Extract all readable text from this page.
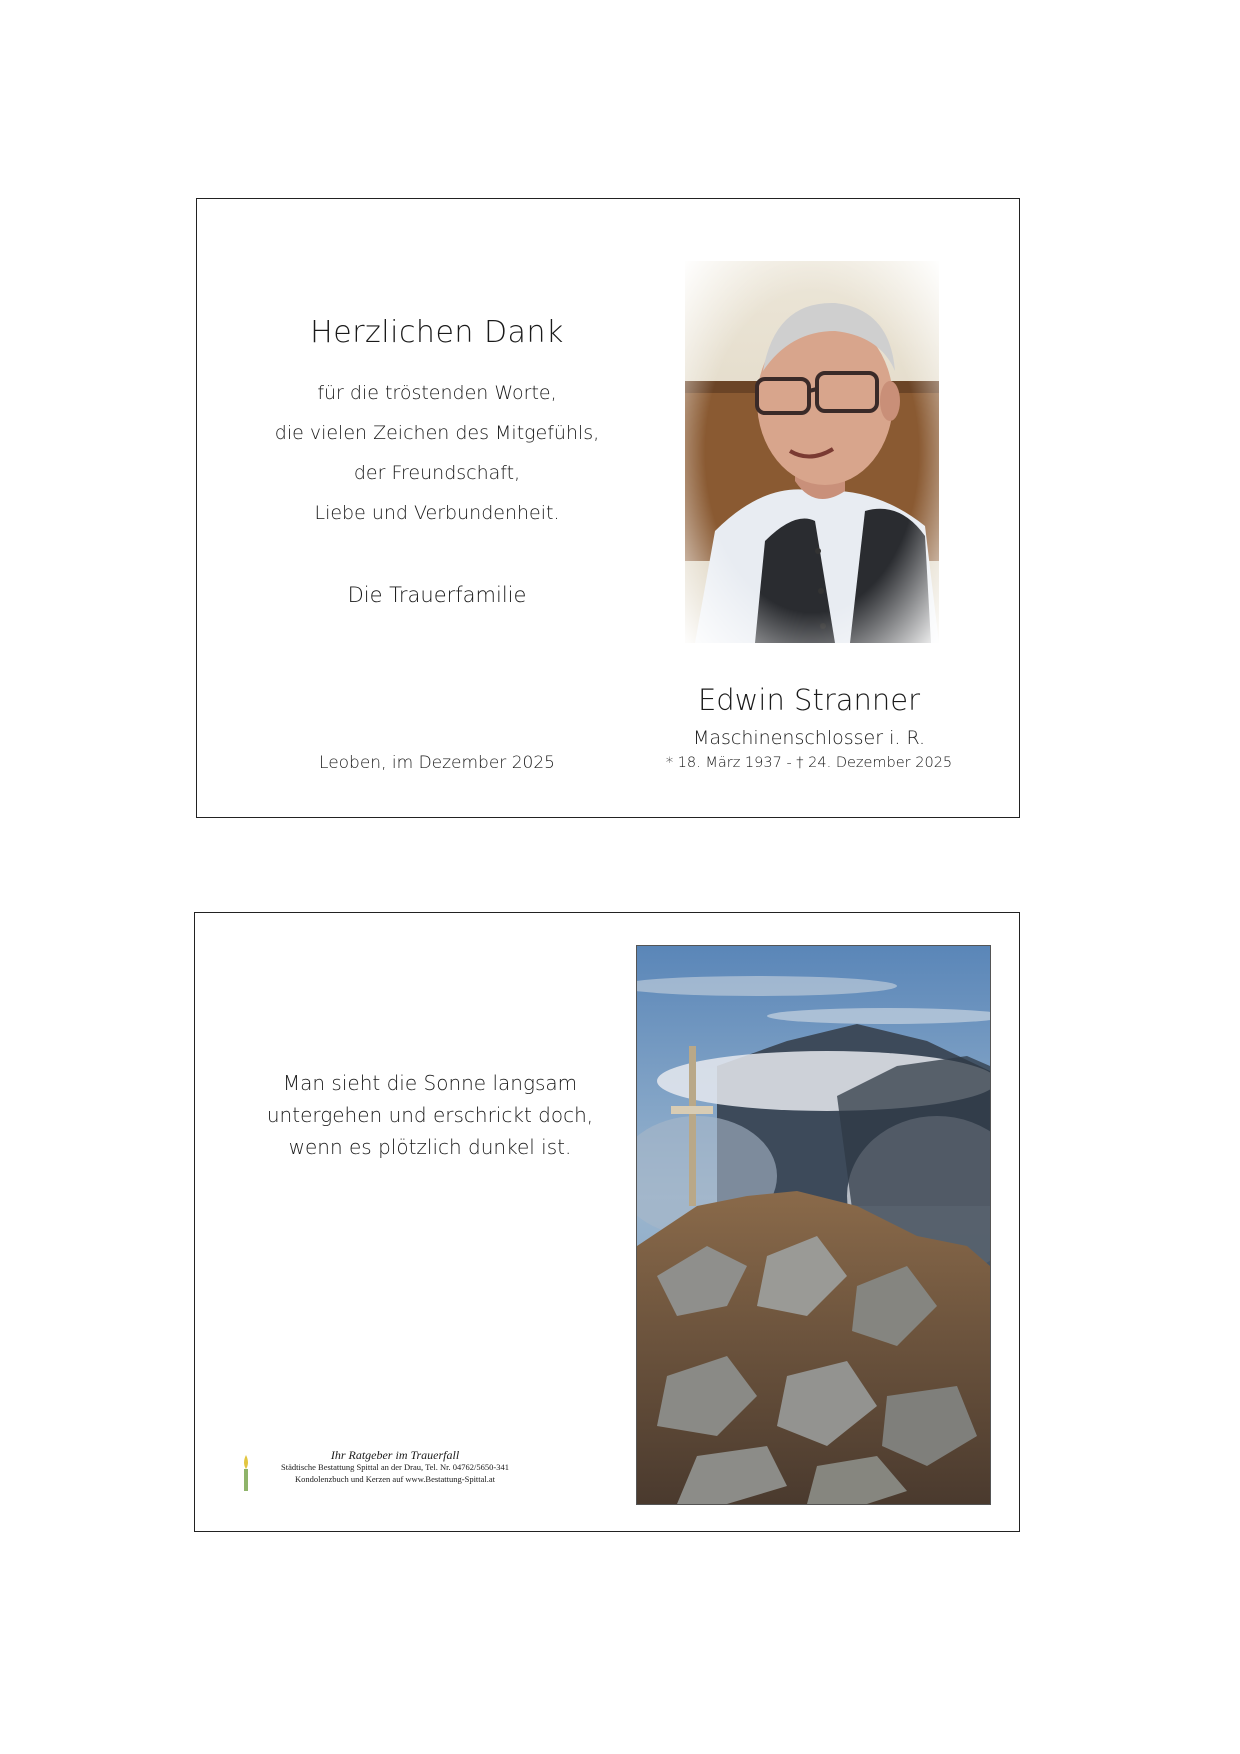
Herzlichen Dank
für die tröstenden Worte,
die vielen Zeichen des Mitgefühls,
der Freundschaft,
Liebe und Verbundenheit.
Die Trauerfamilie
Leoben, im Dezember 2025
Edwin Stranner
Maschinenschlosser i. R.
* 18. März 1937 - † 24. Dezember 2025
Man sieht die Sonne langsam
untergehen und erschrickt doch,
wenn es plötzlich dunkel ist.
Ihr Ratgeber im Trauerfall
Städtische Bestattung Spittal an der Drau, Tel. Nr. 04762/5650-341
Kondolenzbuch und Kerzen auf www.Bestattung-Spittal.at
